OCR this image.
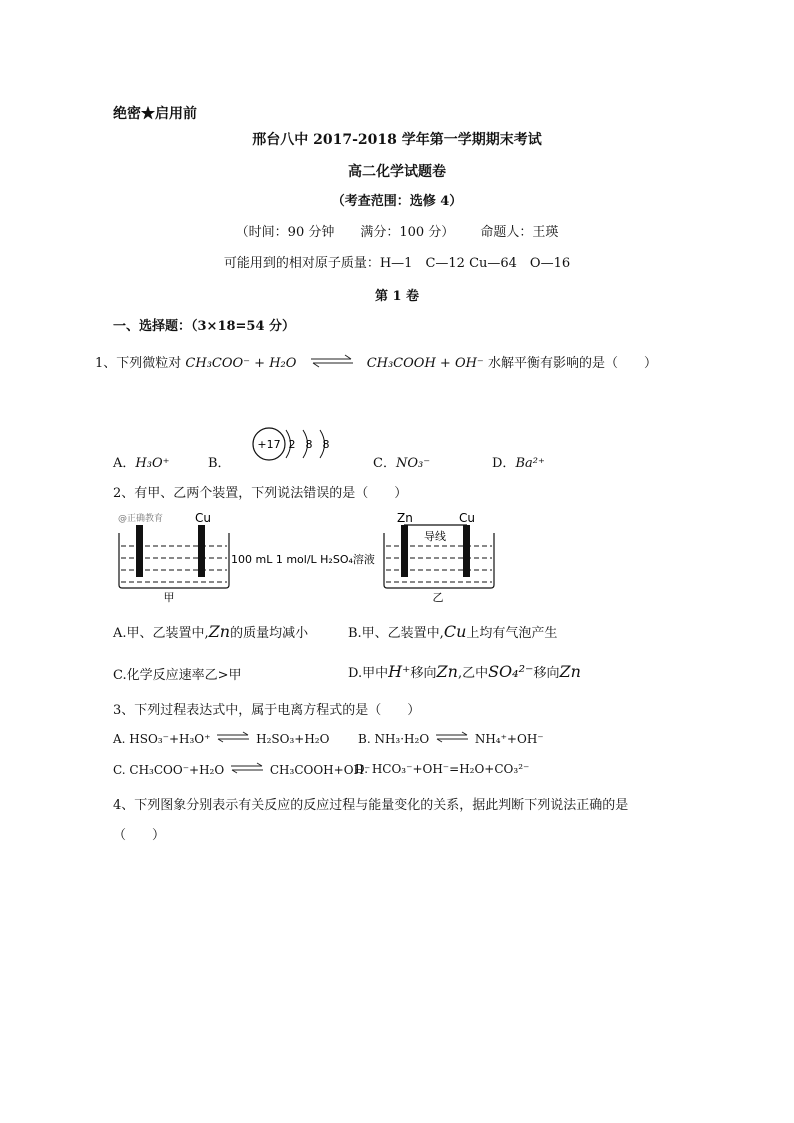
绝密★启用前
邢台八中 2017-2018 学年第一学期期末考试
高二化学试题卷
（考查范围：选修 4）
（时间：90 分钟 满分：100 分） 命题人：王瑛
可能用到的相对原子质量：H—1　C—12 Cu—64　O—16
第 1 卷
一、选择题：（3×18=54 分）
1、下列微粒对 CH₃COO⁻ + H₂O ⇌ CH₃COOH + OH⁻ 水解平衡有影响的是（　　）
A．H₃O⁺	B．
+17 2 8 8
C．NO₃⁻	D．Ba²⁺
2、有甲、乙两个装置，下列说法错误的是（　　）
@正确教育	Cu
甲
100 mL 1 mol/L H₂SO₄溶液
Zn	Cu
导线
乙
A.甲、乙装置中,Zn的质量均减小	B.甲、乙装置中,Cu上均有气泡产生
C.化学反应速率乙>甲	D.甲中H⁺移向Zn,乙中SO₄²⁻移向Zn
3、下列过程表达式中，属于电离方程式的是（　　）
A. HSO₃⁻+H₃O⁺ ⇌ H₂SO₃+H₂O B. NH₃·H₂O ⇌ NH₄⁺+OH⁻
C. CH₃COO⁻+H₂O ⇌ CH₃COOH+OH⁻
D. HCO₃⁻+OH⁻=H₂O+CO₃²⁻
4、下列图象分别表示有关反应的反应过程与能量变化的关系，据此判断下列说法正确的是
（　　）
